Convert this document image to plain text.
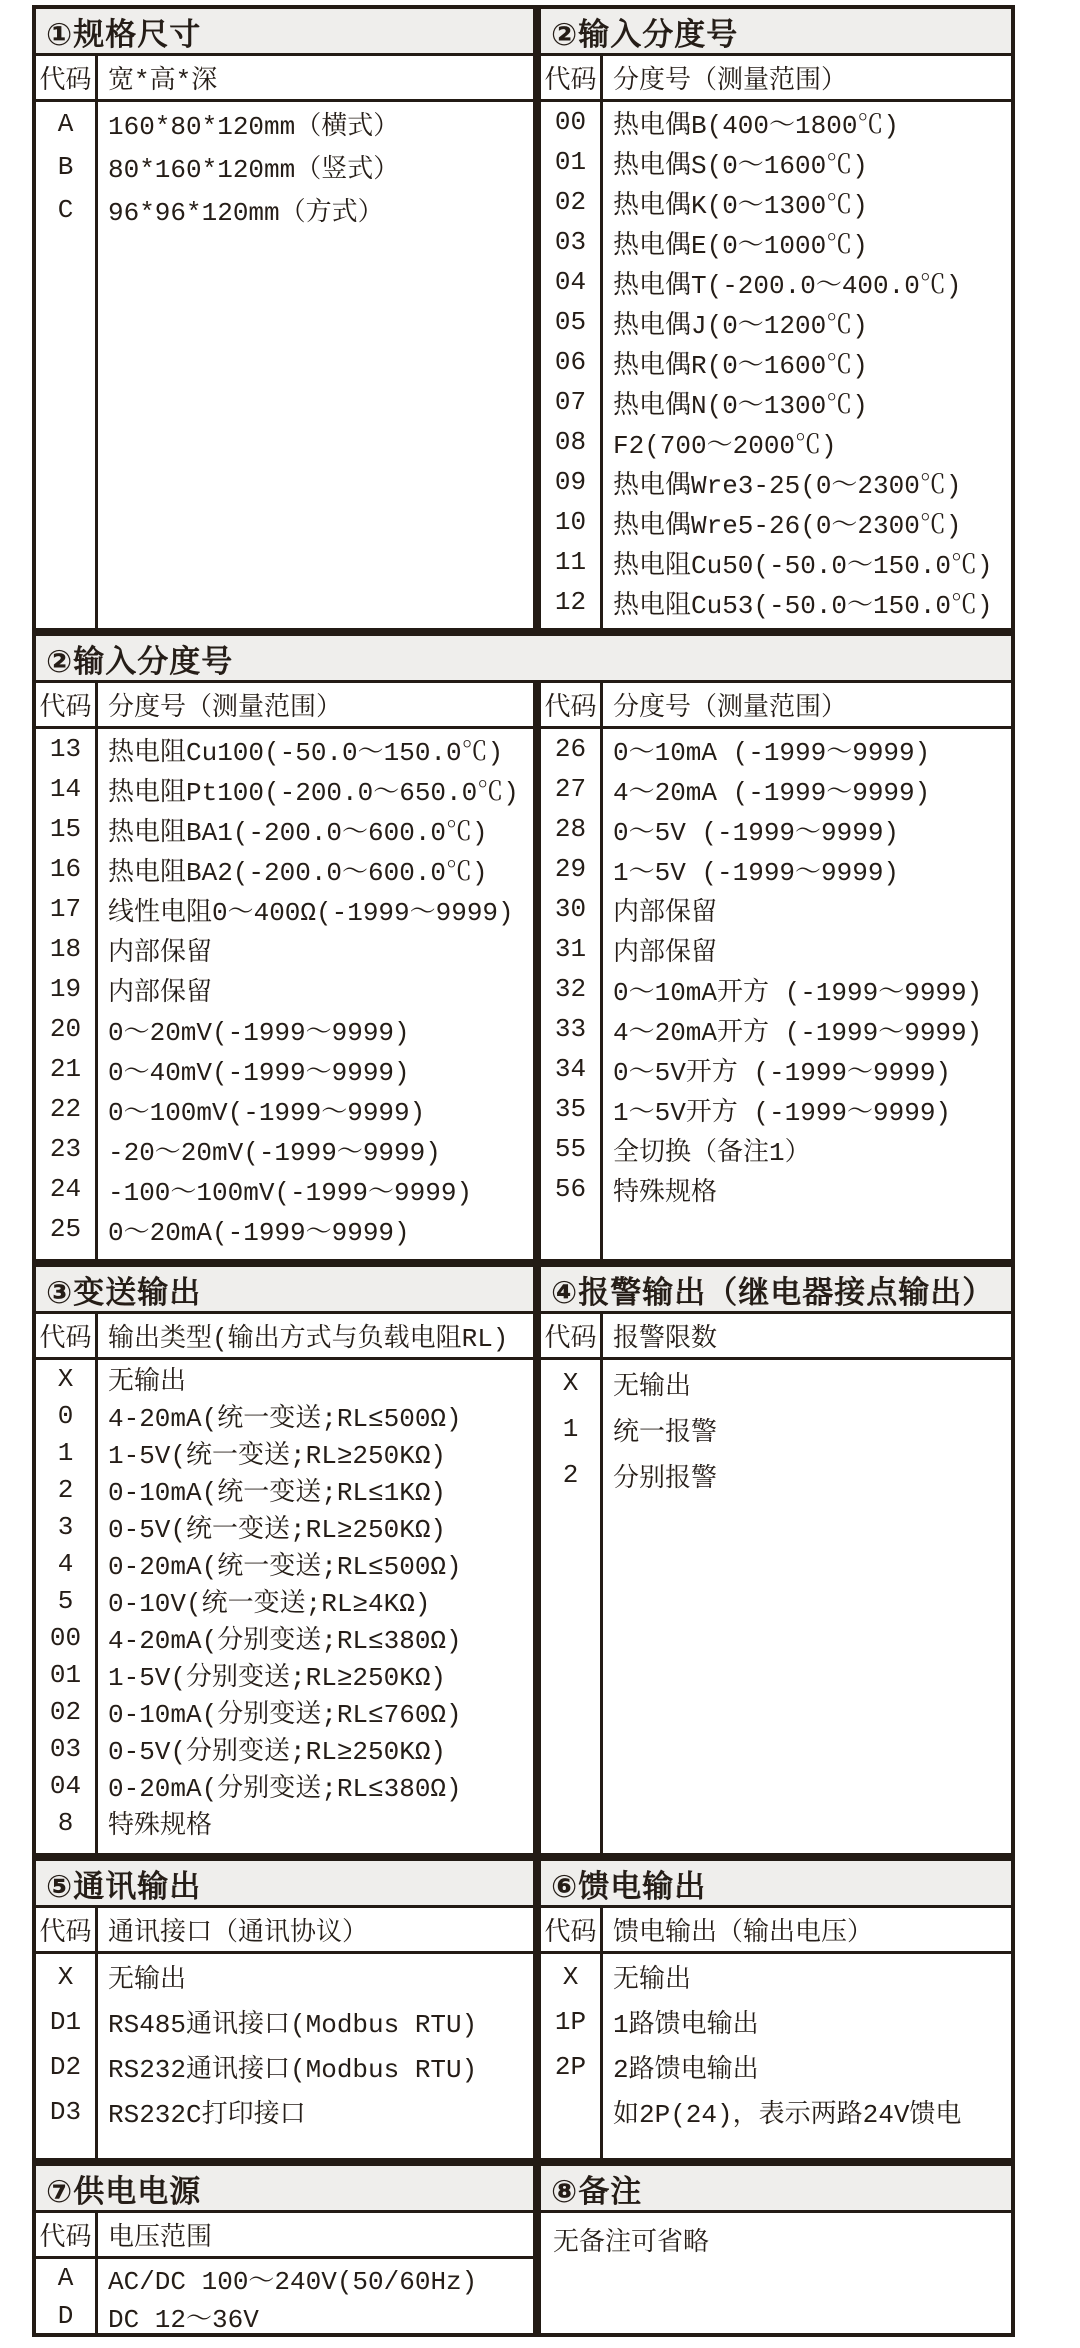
①规格尺寸
代码 宽*高*深
A	160*80*120mm（横式）
B	80*160*120mm（竖式）
C	96*96*120mm（方式）
②输入分度号
代码 分度号（测量范围）
00	热电偶B(400～1800℃)
01	热电偶S(0～1600℃)
02	热电偶K(0～1300℃)
03	热电偶E(0～1000℃)
04	热电偶T(-200.0～400.0℃)
05	热电偶J(0～1200℃)
06	热电偶R(0～1600℃)
07	热电偶N(0～1300℃)
08	F2(700～2000℃)
09	热电偶Wre3-25(0～2300℃)
10	热电偶Wre5-26(0～2300℃)
11	热电阻Cu50(-50.0～150.0℃)
12	热电阻Cu53(-50.0～150.0℃)
②输入分度号
代码 分度号（测量范围）
13	热电阻Cu100(-50.0～150.0℃)
14	热电阻Pt100(-200.0～650.0℃)
15	热电阻BA1(-200.0～600.0℃)
16	热电阻BA2(-200.0～600.0℃)
17	线性电阻0～400Ω(-1999～9999)
18	内部保留
19	内部保留
20	0～20mV(-1999～9999)
21	0～40mV(-1999～9999)
22	0～100mV(-1999～9999)
23	-20～20mV(-1999～9999)
24	-100～100mV(-1999～9999)
25	0～20mA(-1999～9999)
代码 分度号（测量范围）
26	0～10mA (-1999～9999)
27	4～20mA (-1999～9999)
28	0～5V (-1999～9999)
29	1～5V (-1999～9999)
30	内部保留
31	内部保留
32	0～10mA开方 (-1999～9999)
33	4～20mA开方 (-1999～9999)
34	0～5V开方 (-1999～9999)
35	1～5V开方 (-1999～9999)
55	全切换（备注1）
56	特殊规格
③变送输出
代码 输出类型(输出方式与负载电阻RL)
X	无输出
0	4-20mA(统一变送;RL≤500Ω)
1	1-5V(统一变送;RL≥250KΩ)
2	0-10mA(统一变送;RL≤1KΩ)
3	0-5V(统一变送;RL≥250KΩ)
4	0-20mA(统一变送;RL≤500Ω)
5	0-10V(统一变送;RL≥4KΩ)
00	4-20mA(分别变送;RL≤380Ω)
01	1-5V(分别变送;RL≥250KΩ)
02	0-10mA(分别变送;RL≤760Ω)
03	0-5V(分别变送;RL≥250KΩ)
04	0-20mA(分别变送;RL≤380Ω)
8	特殊规格
④报警输出（继电器接点输出）
代码 报警限数
X	无输出
1	统一报警
2	分别报警
⑤通讯输出
代码 通讯接口（通讯协议）
X	无输出
D1	RS485通讯接口(Modbus RTU)
D2	RS232通讯接口(Modbus RTU)
D3	RS232C打印接口
⑥馈电输出
代码 馈电输出（输出电压）
X	无输出
1P	1路馈电输出
2P	2路馈电输出
如2P(24)，表示两路24V馈电
⑦供电电源
代码 电压范围
A	AC/DC 100～240V(50/60Hz)
D	DC 12～36V
⑧备注
无备注可省略
